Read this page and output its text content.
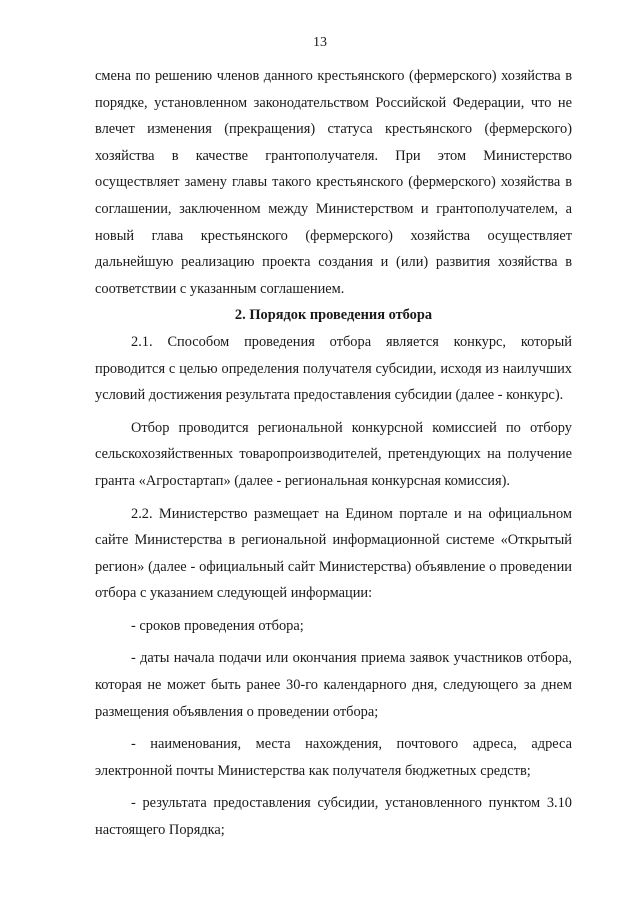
13

смена по решению членов данного крестьянского (фермерского) хозяйства в порядке, установленном законодательством Российской Федерации, что не влечет изменения (прекращения) статуса крестьянского (фермерского) хозяйства в качестве грантополучателя. При этом Министерство осуществляет замену главы такого крестьянского (фермерского) хозяйства в соглашении, заключенном между Министерством и грантополучателем, а новый глава крестьянского (фермерского) хозяйства осуществляет дальнейшую реализацию проекта создания и (или) развития хозяйства в соответствии с указанным соглашением.

2. Порядок проведения отбора

2.1. Способом проведения отбора является конкурс, который проводится с целью определения получателя субсидии, исходя из наилучших условий достижения результата предоставления субсидии (далее - конкурс).

Отбор проводится региональной конкурсной комиссией по отбору сельскохозяйственных товаропроизводителей, претендующих на получение гранта «Агростартап» (далее - региональная конкурсная комиссия).

2.2. Министерство размещает на Едином портале и на официальном сайте Министерства в региональной информационной системе «Открытый регион» (далее - официальный сайт Министерства) объявление о проведении отбора с указанием следующей информации:

- сроков проведения отбора;

- даты начала подачи или окончания приема заявок участников отбора, которая не может быть ранее 30-го календарного дня, следующего за днем размещения объявления о проведении отбора;

- наименования, места нахождения, почтового адреса, адреса электронной почты Министерства как получателя бюджетных средств;

- результата предоставления субсидии, установленного пунктом 3.10 настоящего Порядка;
